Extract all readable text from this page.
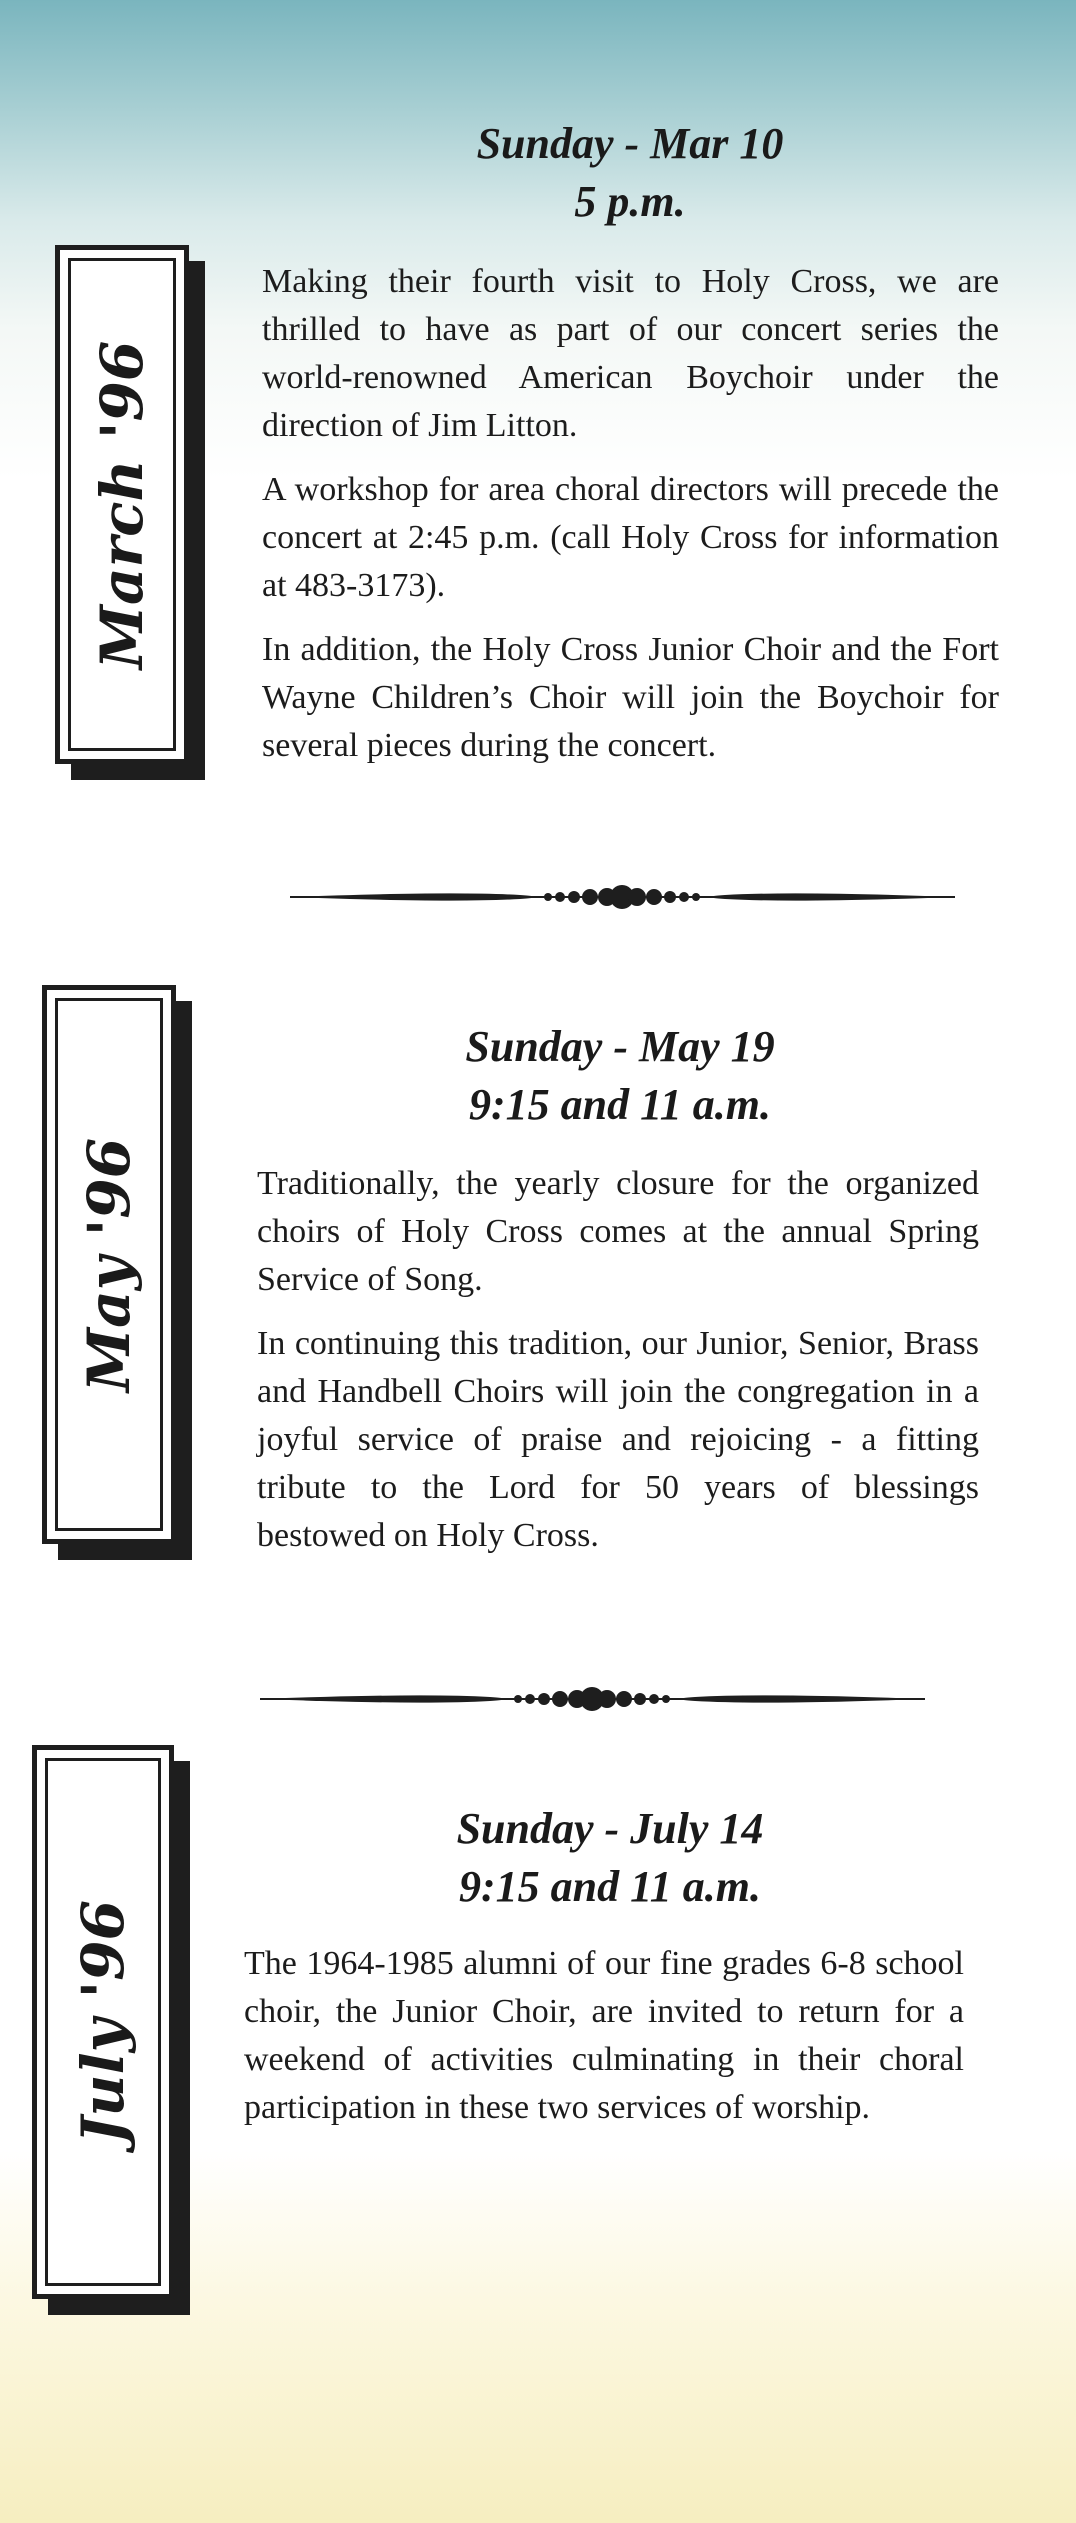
March '96
Sunday - Mar 10
5 p.m.

Making their fourth visit to Holy Cross, we are thrilled to have as part of our concert series the world-renowned American Boychoir under the direction of Jim Litton.

A workshop for area choral directors will precede the concert at 2:45 p.m. (call Holy Cross for information at 483-3173).

In addition, the Holy Cross Junior Choir and the Fort Wayne Children’s Choir will join the Boychoir for several pieces during the concert.

May '96
Sunday - May 19
9:15 and 11 a.m.

Traditionally, the yearly closure for the organized choirs of Holy Cross comes at the annual Spring Service of Song.

In continuing this tradition, our Junior, Senior, Brass and Handbell Choirs will join the congregation in a joyful service of praise and rejoicing - a fitting tribute to the Lord for 50 years of blessings bestowed on Holy Cross.

July '96
Sunday - July 14
9:15 and 11 a.m.

The 1964-1985 alumni of our fine grades 6-8 school choir, the Junior Choir, are invited to return for a weekend of activities culminating in their choral participation in these two services of worship.
